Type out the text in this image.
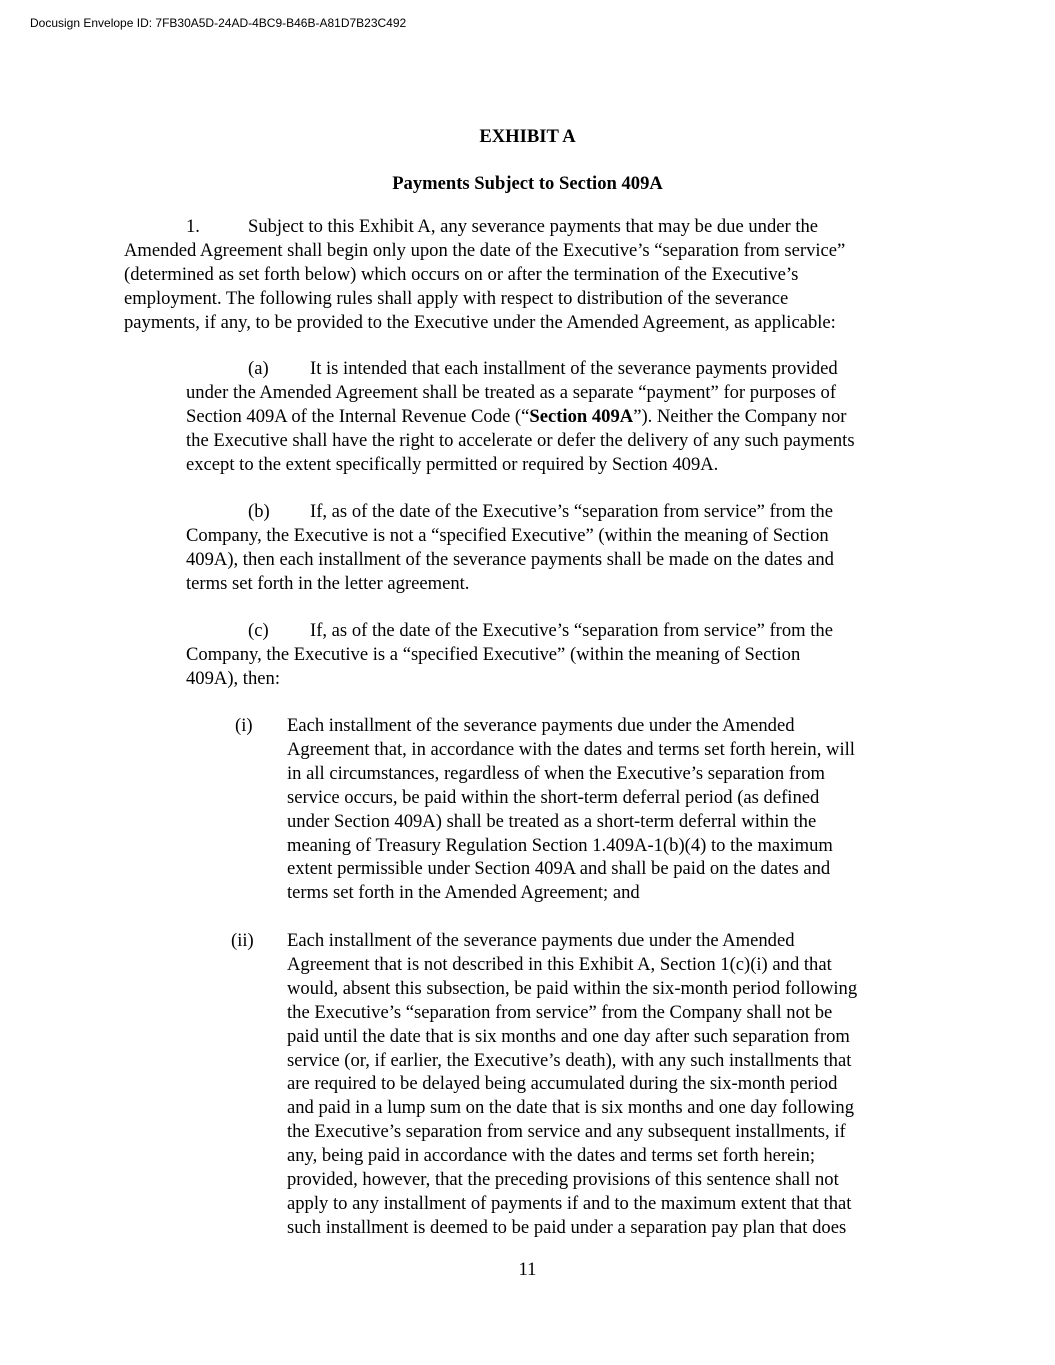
Docusign Envelope ID: 7FB30A5D-24AD-4BC9-B46B-A81D7B23C492
EXHIBIT A
Payments Subject to Section 409A
1.	Subject to this Exhibit A, any severance payments that may be due under the
Amended Agreement shall begin only upon the date of the Executive’s “separation from service”
(determined as set forth below) which occurs on or after the termination of the Executive’s
employment. The following rules shall apply with respect to distribution of the severance
payments, if any, to be provided to the Executive under the Amended Agreement, as applicable:
(a) It is intended that each installment of the severance payments provided
under the Amended Agreement shall be treated as a separate “payment” for purposes of
Section 409A of the Internal Revenue Code (“Section 409A”). Neither the Company nor
the Executive shall have the right to accelerate or defer the delivery of any such payments
except to the extent specifically permitted or required by Section 409A.
(b) If, as of the date of the Executive’s “separation from service” from the
Company, the Executive is not a “specified Executive” (within the meaning of Section
409A), then each installment of the severance payments shall be made on the dates and
terms set forth in the letter agreement.
(c) If, as of the date of the Executive’s “separation from service” from the
Company, the Executive is a “specified Executive” (within the meaning of Section
409A), then:
(i) Each installment of the severance payments due under the Amended
Agreement that, in accordance with the dates and terms set forth herein, will
in all circumstances, regardless of when the Executive’s separation from
service occurs, be paid within the short-term deferral period (as defined
under Section 409A) shall be treated as a short-term deferral within the
meaning of Treasury Regulation Section 1.409A-1(b)(4) to the maximum
extent permissible under Section 409A and shall be paid on the dates and
terms set forth in the Amended Agreement; and
(ii) Each installment of the severance payments due under the Amended
Agreement that is not described in this Exhibit A, Section 1(c)(i) and that
would, absent this subsection, be paid within the six-month period following
the Executive’s “separation from service” from the Company shall not be
paid until the date that is six months and one day after such separation from
service (or, if earlier, the Executive’s death), with any such installments that
are required to be delayed being accumulated during the six-month period
and paid in a lump sum on the date that is six months and one day following
the Executive’s separation from service and any subsequent installments, if
any, being paid in accordance with the dates and terms set forth herein;
provided, however, that the preceding provisions of this sentence shall not
apply to any installment of payments if and to the maximum extent that that
such installment is deemed to be paid under a separation pay plan that does
11
